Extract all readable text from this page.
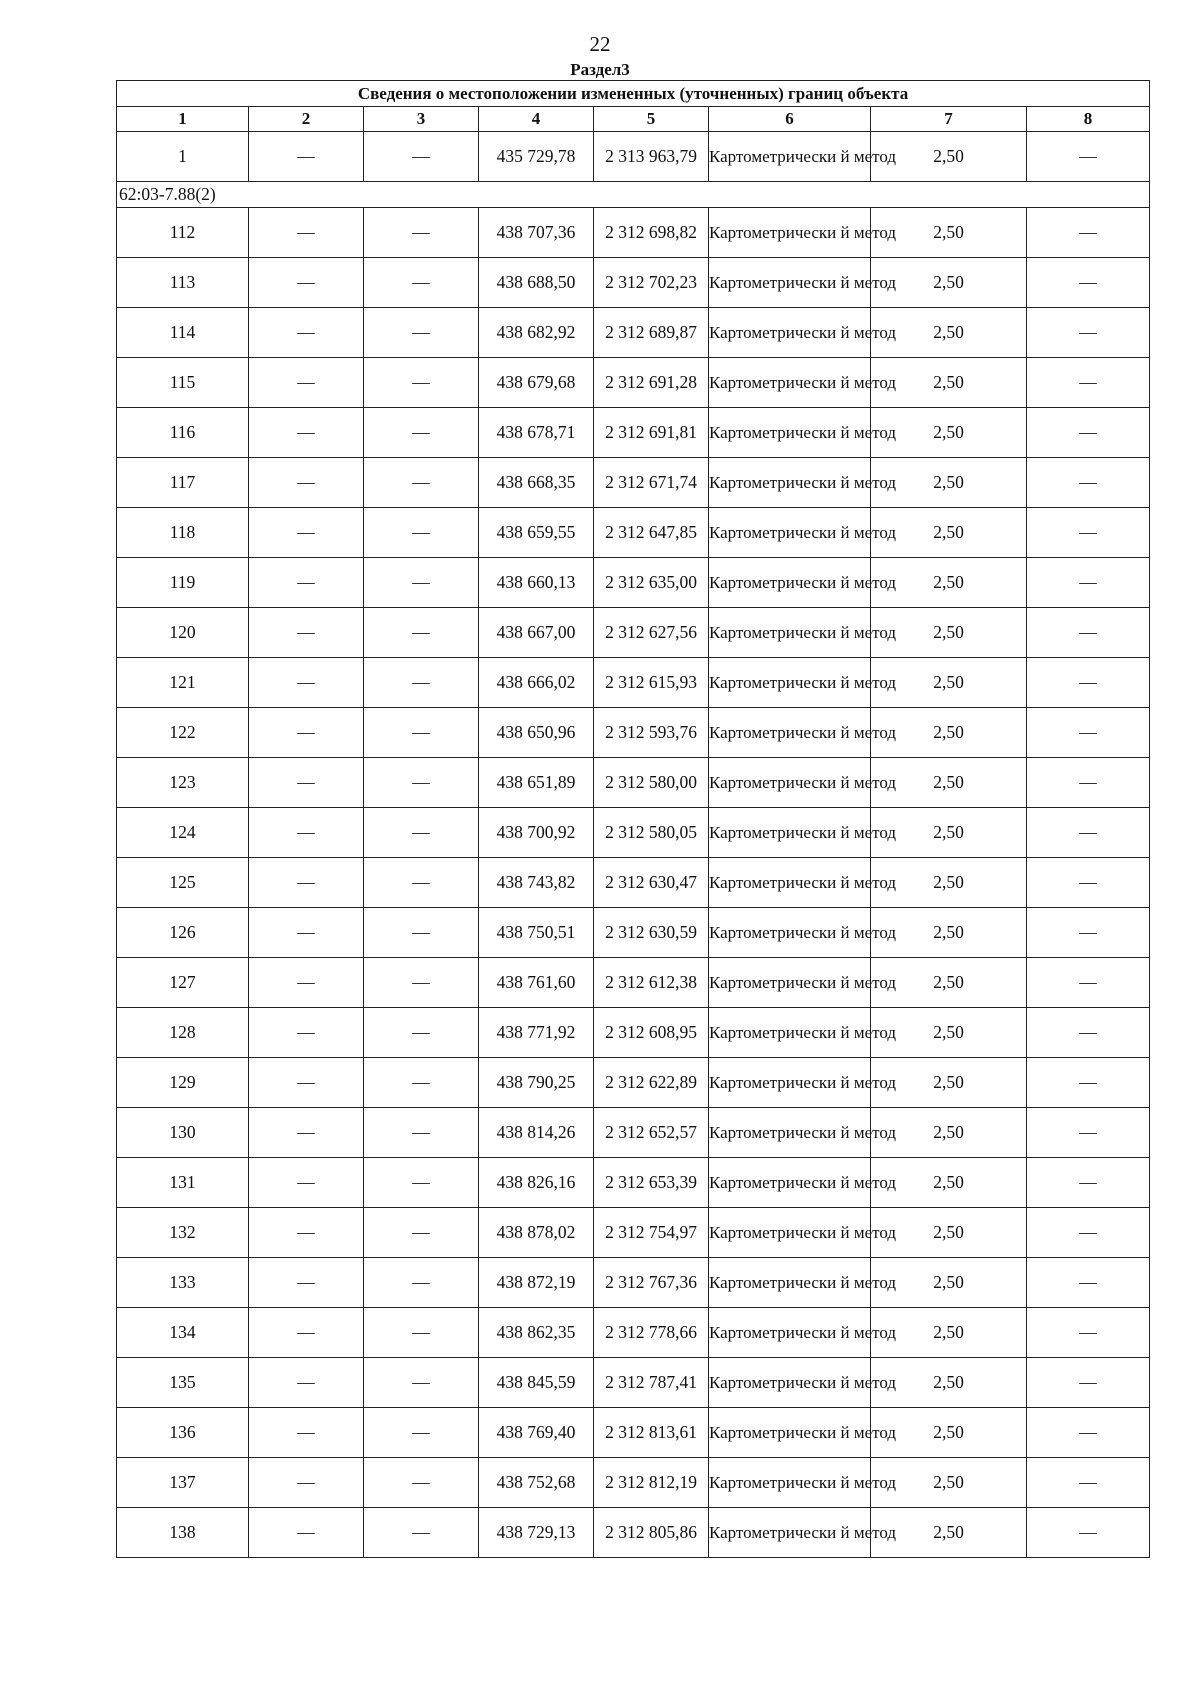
22
Раздел3
Сведения о местоположении измененных (уточненных) границ объекта							
1	2	3	4	5	6	7	8
1	—	—	435 729,78	2 313 963,79	Картометрически й метод	2,50	—
62:03-7.88(2)							
112	—	—	438 707,36	2 312 698,82	Картометрически й метод	2,50	—
113	—	—	438 688,50	2 312 702,23	Картометрически й метод	2,50	—
114	—	—	438 682,92	2 312 689,87	Картометрически й метод	2,50	—
115	—	—	438 679,68	2 312 691,28	Картометрически й метод	2,50	—
116	—	—	438 678,71	2 312 691,81	Картометрически й метод	2,50	—
117	—	—	438 668,35	2 312 671,74	Картометрически й метод	2,50	—
118	—	—	438 659,55	2 312 647,85	Картометрически й метод	2,50	—
119	—	—	438 660,13	2 312 635,00	Картометрически й метод	2,50	—
120	—	—	438 667,00	2 312 627,56	Картометрически й метод	2,50	—
121	—	—	438 666,02	2 312 615,93	Картометрически й метод	2,50	—
122	—	—	438 650,96	2 312 593,76	Картометрически й метод	2,50	—
123	—	—	438 651,89	2 312 580,00	Картометрически й метод	2,50	—
124	—	—	438 700,92	2 312 580,05	Картометрически й метод	2,50	—
125	—	—	438 743,82	2 312 630,47	Картометрически й метод	2,50	—
126	—	—	438 750,51	2 312 630,59	Картометрически й метод	2,50	—
127	—	—	438 761,60	2 312 612,38	Картометрически й метод	2,50	—
128	—	—	438 771,92	2 312 608,95	Картометрически й метод	2,50	—
129	—	—	438 790,25	2 312 622,89	Картометрически й метод	2,50	—
130	—	—	438 814,26	2 312 652,57	Картометрически й метод	2,50	—
131	—	—	438 826,16	2 312 653,39	Картометрически й метод	2,50	—
132	—	—	438 878,02	2 312 754,97	Картометрически й метод	2,50	—
133	—	—	438 872,19	2 312 767,36	Картометрически й метод	2,50	—
134	—	—	438 862,35	2 312 778,66	Картометрически й метод	2,50	—
135	—	—	438 845,59	2 312 787,41	Картометрически й метод	2,50	—
136	—	—	438 769,40	2 312 813,61	Картометрически й метод	2,50	—
137	—	—	438 752,68	2 312 812,19	Картометрически й метод	2,50	—
138	—	—	438 729,13	2 312 805,86	Картометрически й метод	2,50	—
